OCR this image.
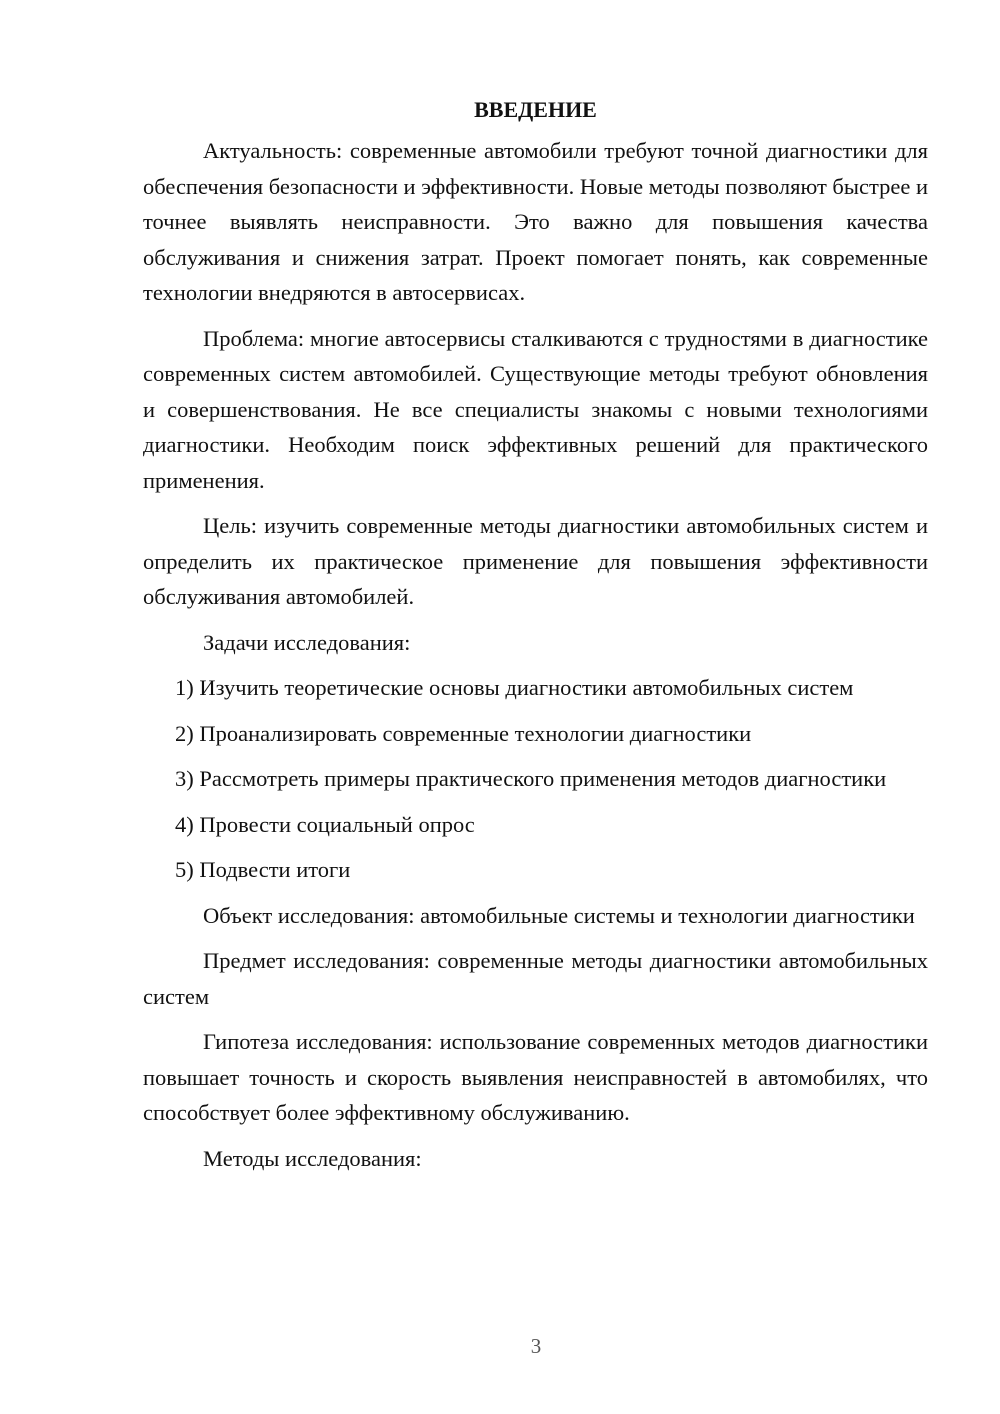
ВВЕДЕНИЕ

Актуальность: современные автомобили требуют точной диагностики для обеспечения безопасности и эффективности. Новые методы позволяют быстрее и точнее выявлять неисправности. Это важно для повышения качества обслуживания и снижения затрат. Проект помогает понять, как современные технологии внедряются в автосервисах.

Проблема: многие автосервисы сталкиваются с трудностями в диагностике современных систем автомобилей. Существующие методы требуют обновления и совершенствования. Не все специалисты знакомы с новыми технологиями диагностики. Необходим поиск эффективных решений для практического применения.

Цель: изучить современные методы диагностики автомобильных систем и определить их практическое применение для повышения эффективности обслуживания автомобилей.

Задачи исследования:

1) Изучить теоретические основы диагностики автомобильных систем

2) Проанализировать современные технологии диагностики

3) Рассмотреть примеры практического применения методов диагностики

4) Провести социальный опрос

5) Подвести итоги

Объект исследования: автомобильные системы и технологии диагностики

Предмет исследования: современные методы диагностики автомобильных систем

Гипотеза исследования: использование современных методов диагностики повышает точность и скорость выявления неисправностей в автомобилях, что способствует более эффективному обслуживанию.

Методы исследования:

3
